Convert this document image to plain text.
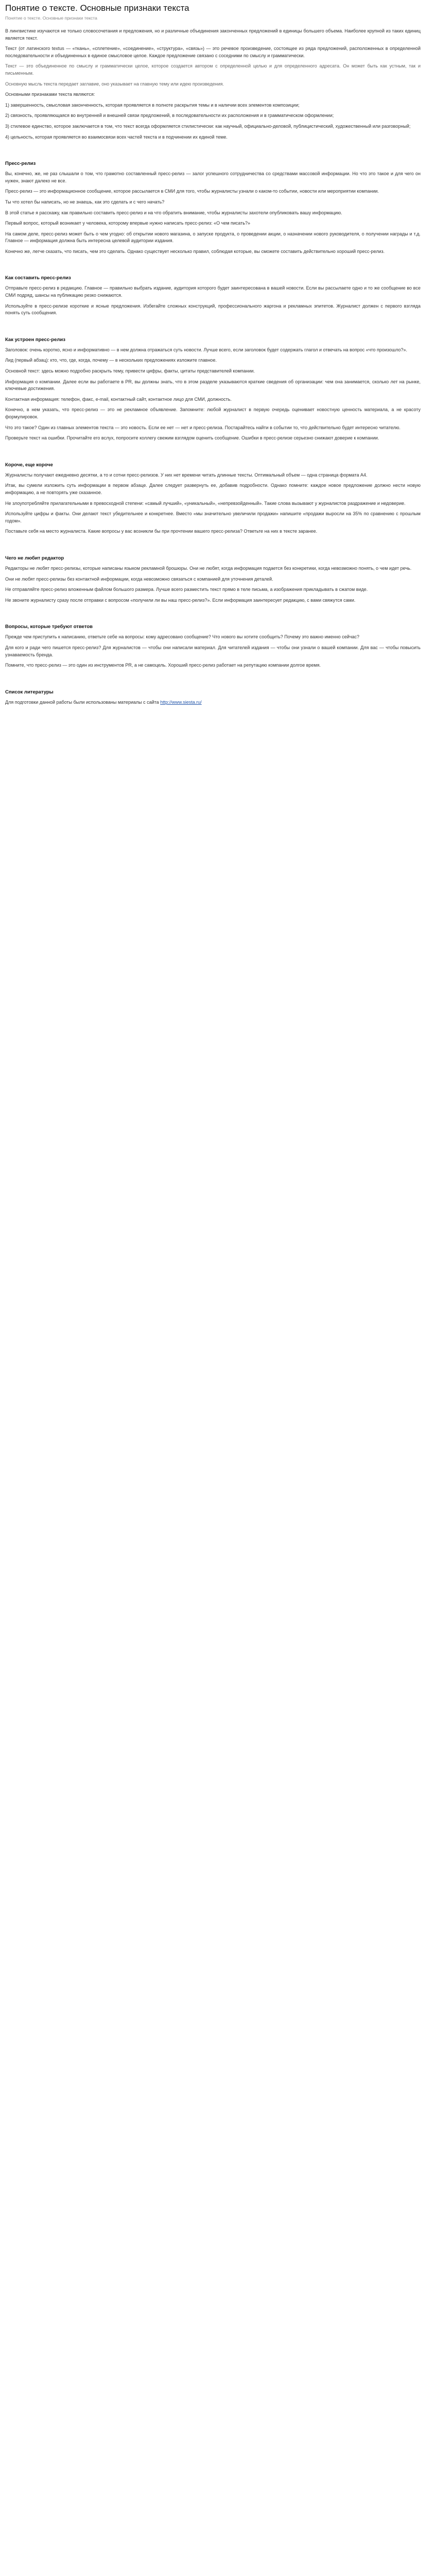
Понятие о тексте. Основные признаки текста
Понятие о тексте. Основные признаки текста

В лингвистике изучаются не только словосочетания и предложения, но и различные объединения законченных предложений в единицы большего объема. Наиболее крупной из таких единиц является текст.

Текст (от латинского textus — «ткань», «сплетение», «соединение», «структура», «связь») — это речевое произведение, состоящее из ряда предложений, расположенных в определенной последовательности и объединенных в единое смысловое целое. Каждое предложение связано с соседними по смыслу и грамматически.

Текст — это объединенное по смыслу и грамматически целое, которое создается автором с определенной целью и для определенного адресата. Он может быть как устным, так и письменным.

Основную мысль текста передает заглавие, оно указывает на главную тему или идею произведения.

Основными признаками текста являются:

1) завершенность, смысловая законченность, которая проявляется в полноте раскрытия темы и в наличии всех элементов композиции;

2) связность, проявляющаяся во внутренней и внешней связи предложений, в последовательности их расположения и в грамматическом оформлении;

3) стилевое единство, которое заключается в том, что текст всегда оформляется стилистически: как научный, официально-деловой, публицистический, художественный или разговорный;

4) цельность, которая проявляется во взаимосвязи всех частей текста и в подчинении их единой теме.

Пресс-релиз

Вы, конечно, же, не раз слышали о том, что грамотно составленный пресс-релиз — залог успешного сотрудничества со средствами массовой информации. Но что это такое и для чего он нужен, знают далеко не все.

Пресс-релиз — это информационное сообщение, которое рассылается в СМИ для того, чтобы журналисты узнали о каком-то событии, новости или мероприятии компании.

Ты что хотел бы написать, но не знаешь, как это сделать и с чего начать?

В этой статье я расскажу, как правильно составить пресс-релиз и на что обратить внимание, чтобы журналисты захотели опубликовать вашу информацию.

Первый вопрос, который возникает у человека, которому впервые нужно написать пресс-релиз: «О чем писать?»

На самом деле, пресс-релиз может быть о чем угодно: об открытии нового магазина, о запуске продукта, о проведении акции, о назначении нового руководителя, о получении награды и т.д. Главное — информация должна быть интересна целевой аудитории издания.

Конечно же, легче сказать, что писать, чем это сделать. Однако существует несколько правил, соблюдая которые, вы сможете составить действительно хороший пресс-релиз.

Как составить пресс-релиз

Отправьте пресс-релиз в редакцию. Главное — правильно выбрать издание, аудитория которого будет заинтересована в вашей новости. Если вы рассылаете одно и то же сообщение во все СМИ подряд, шансы на публикацию резко снижаются.

Используйте в пресс-релизе короткие и ясные предложения. Избегайте сложных конструкций, профессионального жаргона и рекламных эпитетов. Журналист должен с первого взгляда понять суть сообщения.

Как устроен пресс-релиз

Заголовок: очень коротко, ясно и информативно — в нем должна отражаться суть новости. Лучше всего, если заголовок будет содержать глагол и отвечать на вопрос «что произошло?».

Лид (первый абзац): кто, что, где, когда, почему — в нескольких предложениях изложите главное.

Основной текст: здесь можно подробно раскрыть тему, привести цифры, факты, цитаты представителей компании.

Информация о компании. Далее если вы работаете в PR, вы должны знать, что в этом разделе указываются краткие сведения об организации: чем она занимается, сколько лет на рынке, ключевые достижения.

Контактная информация: телефон, факс, e-mail, контактный сайт, контактное лицо для СМИ, должность.

Конечно, в нем указать, что пресс-релиз — это не рекламное объявление. Запомните: любой журналист в первую очередь оценивает новостную ценность материала, а не красоту формулировок.

Что это такое? Один из главных элементов текста — это новость. Если ее нет — нет и пресс-релиза. Постарайтесь найти в событии то, что действительно будет интересно читателю.

Проверьте текст на ошибки. Прочитайте его вслух, попросите коллегу свежим взглядом оценить сообщение. Ошибки в пресс-релизе серьезно снижают доверие к компании.

Короче, еще короче

Журналисты получают ежедневно десятки, а то и сотни пресс-релизов. У них нет времени читать длинные тексты. Оптимальный объем — одна страница формата А4.

Итак, вы сумели изложить суть информации в первом абзаце. Далее следует развернуть ее, добавив подробности. Однако помните: каждое новое предложение должно нести новую информацию, а не повторять уже сказанное.

Не злоупотребляйте прилагательными в превосходной степени: «самый лучший», «уникальный», «непревзойденный». Такие слова вызывают у журналистов раздражение и недоверие.

Используйте цифры и факты. Они делают текст убедительнее и конкретнее. Вместо «мы значительно увеличили продажи» напишите «продажи выросли на 35% по сравнению с прошлым годом».

Поставьте себя на место журналиста. Какие вопросы у вас возникли бы при прочтении вашего пресс-релиза? Ответьте на них в тексте заранее.

Чего не любит редактор

Редакторы не любят пресс-релизы, которые написаны языком рекламной брошюры. Они не любят, когда информация подается без конкретики, когда невозможно понять, о чем идет речь.

Они не любят пресс-релизы без контактной информации, когда невозможно связаться с компанией для уточнения деталей.

Не отправляйте пресс-релиз вложенным файлом большого размера. Лучше всего разместить текст прямо в теле письма, а изображения прикладывать в сжатом виде.

Не звоните журналисту сразу после отправки с вопросом «получили ли вы наш пресс-релиз?». Если информация заинтересует редакцию, с вами свяжутся сами.

Вопросы, которые требуют ответов

Прежде чем приступить к написанию, ответьте себе на вопросы: кому адресовано сообщение? Что нового вы хотите сообщить? Почему это важно именно сейчас?

Для кого и ради чего пишется пресс-релиз? Для журналистов — чтобы они написали материал. Для читателей издания — чтобы они узнали о вашей компании. Для вас — чтобы повысить узнаваемость бренда.

Помните, что пресс-релиз — это один из инструментов PR, а не самоцель. Хороший пресс-релиз работает на репутацию компании долгое время.

Список литературы

Для подготовки данной работы были использованы материалы с сайта http://www.siesta.ru/
